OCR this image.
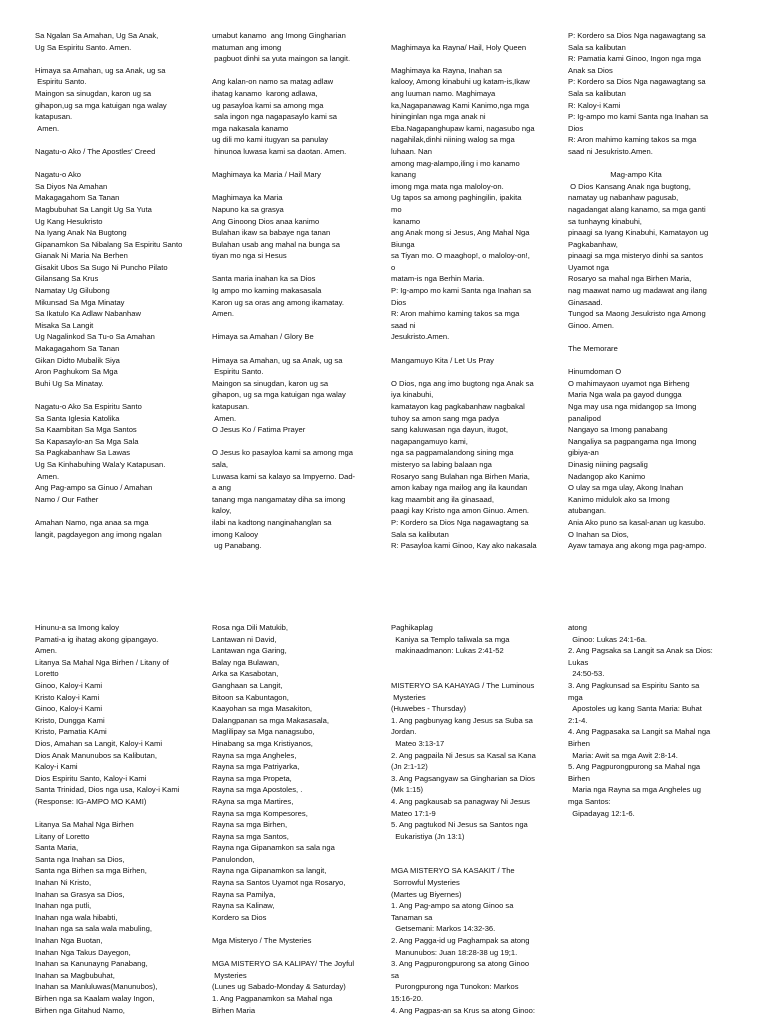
Sa Ngalan Sa Amahan, Ug Sa Anak,
Ug Sa Espiritu Santo. Amen.
Himaya sa Amahan, ug sa Anak, ug sa
Espiritu Santo.
Maingon sa sinugdan, karon ug sa
gihapon,ug sa mga katuigan nga walay
katapusan.
Amen.
Nagatu-o Ako / The Apostles' Creed
Nagatu-o Ako
Sa Diyos Na Amahan
Makagagahom Sa Tanan
Magbubuhat Sa Langit Ug Sa Yuta
Ug Kang Hesukristo
Na Iyang Anak Na Bugtong
Gipanamkon Sa Nibalang Sa Espiritu Santo
Gianak Ni Maria Na Berhen
Gisakit Ubos Sa Sugo Ni Puncho Pilato
Gilansang Sa Krus
Namatay Ug Gilubong
Mikunsad Sa Mga Minatay
Sa Ikatulo Ka Adlaw Nabanhaw
Misaka Sa Langit
Ug Nagalinkod Sa Tu-o Sa Amahan
Makagagahom Sa Tanan
Gikan Didto Mubalik Siya
Aron Paghukom Sa Mga
Buhi Ug Sa Minatay.
Nagatu-o Ako Sa Espiritu Santo
Sa Santa Iglesia Katolika
Sa Kaambitan Sa Mga Santos
Sa Kapasaylo-an Sa Mga Sala
Sa Pagkabanhaw Sa Lawas
Ug Sa Kinhabuhing Wala'y Katapusan.
Amen.
Ang Pag-ampo sa Ginuo / Amahan
Namo / Our Father
Amahan Namo, nga anaa sa mga
langit, pagdayegon ang imong ngalan
umabut kanamo  ang Imong Gingharian
matuman ang imong
pagbuot dinhi sa yuta maingon sa langit.
Ang kalan-on namo sa matag adlaw
ihatag kanamo  karong adlawa,
ug pasayloa kami sa among mga
sala ingon nga nagapasaylo kami sa
mga nakasala kanamo
ug dili mo kami itugyan sa panulay
hinunoa luwasa kami sa daotan. Amen.
Maghimaya ka Maria / Hail Mary
Maghimaya ka Maria
Napuno ka sa grasya
Ang Ginoong Dios anaa kanimo
Bulahan ikaw sa babaye nga tanan
Bulahan usab ang mahal na bunga sa
tiyan mo nga si Hesus
Santa maria inahan ka sa Dios
Ig ampo mo kaming makasasala
Karon ug sa oras ang among ikamatay.
Amen.
Himaya sa Amahan / Glory Be
Himaya sa Amahan, ug sa Anak, ug sa
Espiritu Santo.
Maingon sa sinugdan, karon ug sa
gihapon, ug sa mga katuigan nga walay
katapusan.
Amen.
O Jesus Ko / Fatima Prayer
O Jesus ko pasayloa kami sa among mga
sala,
Luwasa kami sa kalayo sa Impyerno. Dad-
a ang
tanang mga nangamatay diha sa imong
kaloy,
ilabi na kadtong nanginahanglan sa
imong Kalooy
ug Panabang.
Maghimaya ka Rayna/ Hail, Holy Queen
Maghimaya ka Rayna, Inahan sa
kalooy, Among kinabuhi ug katam-is,Ikaw
ang luuman namo. Maghimaya
ka,Nagapanawag Kami Kanimo,nga mga
hininginlan nga mga anak ni
Eba.Nagapanghupaw kami, nagasubo nga
nagahilak,dinhi niining walog sa mga
luhaan. Nan
among mag-alampo,iling i mo kanamo
kanang
imong mga mata nga maloloy-on.
Ug tapos sa among paghingilin, ipakita
mo
kanamo
ang Anak mong si Jesus, Ang Mahal Nga
Biunga
sa Tiyan mo. O maaghop!, o maloloy-on!,
o
matam-is nga Berhin Maria.
P: Ig-ampo mo kami Santa nga Inahan sa
Dios
R: Aron mahimo kaming takos sa mga
saad ni
Jesukristo.Amen.
Mangamuyo Kita / Let Us Pray
O Dios, nga ang imo bugtong nga Anak sa
iya kinabuhi,
kamatayon kag pagkabanhaw nagbakal
tuhoy sa amon sang mga padya
sang kaluwasan nga dayun, itugot,
nagapangamuyo kami,
nga sa pagpamalandong sining mga
misteryo sa labing balaan nga
Rosaryo sang Bulahan nga Birhen Maria,
amon kabay nga mailog ang ila kaundan
kag maambit ang ila ginasaad,
paagi kay Kristo nga amon Ginuo. Amen.
P: Kordero sa Dios Nga nagawagtang sa
Sala sa kalibutan
R: Pasayloa kami Ginoo, Kay ako nakasala
P: Kordero sa Dios Nga nagawagtang sa
Sala sa kalibutan
R: Pamatia kami Ginoo, Ingon nga mga
Anak sa Dios
P: Kordero sa Dios Nga nagawagtang sa
Sala sa kalibutan
R: Kaloy-i Kami
P: Ig-ampo mo kami Santa nga Inahan sa
Dios
R: Aron mahimo kaming takos sa mga
saad ni Jesukristo.Amen.
Mag-ampo Kita
O Dios Kansang Anak nga bugtong,
namatay ug nabanhaw pagusab,
nagadangat alang kanamo, sa mga ganti
sa tunhayng kinabuhi,
pinaagi sa Iyang Kinabuhi, Kamatayon ug
Pagkabanhaw,
pinaagi sa mga misteryo dinhi sa santos
Uyamot nga
Rosaryo sa mahal nga Birhen Maria,
nag maawat namo ug madawat ang ilang
Ginasaad.
Tungod sa Maong Jesukristo nga Among
Ginoo. Amen.
The Memorare
Hinumdoman O
O mahimayaon uyamot nga Birheng
Maria Nga wala pa gayod dungga
Nga may usa nga midangop sa Imong
panalipod
Nangayo sa Imong panabang
Nangaliya sa pagpangama nga Imong
gibiya-an
Dinasig niining pagsalig
Nadangop ako Kanimo
O ulay sa mga ulay, Akong Inahan
Kanimo midulok ako sa Imong
atubangan.
Ania Ako puno sa kasal-anan ug kasubo.
O Inahan sa Dios,
Ayaw tamaya ang akong mga pag-ampo.
Hinunu-a sa Imong kaloy
Pamati-a ig ihatag akong gipangayo.
Amen.
Litanya Sa Mahal Nga Birhen / Litany of
Loretto
Ginoo, Kaloy-i Kami
Kristo Kaloy-i Kami
Ginoo, Kaloy-i Kami
Kristo, Dungga Kami
Kristo, Pamatia KAmi
Dios, Amahan sa Langit, Kaloy-i Kami
Dios Anak Manunubos sa Kalibutan,
Kaloy-i Kami
Dios Espiritu Santo, Kaloy-i Kami
Santa Trinidad, Dios nga usa, Kaloy-i Kami
(Response: IG-AMPO MO KAMI)
Litanya Sa Mahal Nga Birhen
Litany of Loretto
Santa Maria,
Santa nga Inahan sa Dios,
Santa nga Birhen sa mga Birhen,
Inahan Ni Kristo,
Inahan sa Grasya sa Dios,
Inahan nga putli,
Inahan nga wala hibabti,
Inahan nga sa sala wala mabuling,
Inahan Nga Buotan,
Inahan Nga Takus Dayegon,
Inahan sa Kanunayng Panabang,
Inahan sa Magbubuhat,
Inahan sa Manluluwas(Manunubos),
Birhen nga sa Kaalam walay Ingon,
Birhen nga Gitahud Namo,
Rosa nga Dili Matukib,
Lantawan ni David,
Lantawan nga Garing,
Balay nga Bulawan,
Arka sa Kasabotan,
Ganghaan sa Langit,
Bitoon sa Kabuntagon,
Kaayohan sa mga Masakiton,
Dalangpanan sa mga Makasasala,
Maglilipay sa Mga nanagsubo,
Hinabang sa mga Kristiyanos,
Rayna sa mga Angheles,
Rayna sa mga Patriyarka,
Rayna sa mga Propeta,
Rayna sa mga Apostoles, .
RAyna sa mga Martires,
Rayna sa mga Kompesores,
Rayna sa mga Birhen,
Rayna sa mga Santos,
Rayna nga Gipanamkon sa sala nga
Panulondon,
Rayna nga Gipanamkon sa langit,
Rayna sa Santos Uyamot nga Rosaryo,
Rayna sa Pamilya,
Rayna sa Kalinaw,
Kordero sa Dios
Mga Misteryo / The Mysteries
MGA MISTERYO SA KALIPAY/ The Joyful
Mysteries
(Lunes ug Sabado-Monday & Saturday)
1. Ang Pagpanamkon sa Mahal nga
Birhen Maria
Paghikaplag
Kaniya sa Templo taliwala sa mga
makinaadmanon: Lukas 2:41-52
MISTERYO SA KAHAYAG / The Luminous
Mysteries
(Huwebes - Thursday)
1. Ang pagbunyag kang Jesus sa Suba sa
Jordan.
Mateo 3:13-17
2. Ang pagpaila Ni Jesus sa Kasal sa Kana
(Jn 2:1-12)
3. Ang Pagsangyaw sa Gingharian sa Dios
(Mk 1:15)
4. Ang pagkausab sa panagway Ni Jesus
Mateo 17:1-9
5. Ang pagtukod Ni Jesus sa Santos nga
Eukaristiya (Jn 13:1)
MGA MISTERYO SA KASAKIT / The
Sorrowful Mysteries
(Martes ug Biyernes)
1. Ang Pag-ampo sa atong Ginoo sa
Tanaman sa
Getsemani: Markos 14:32-36.
2. Ang Pagga-id ug Paghampak sa atong
Manunubos: Juan 18:28-38 ug 19;1.
3. Ang Pagpurongpurong sa atong Ginoo
sa
Purongpurong nga Tunokon: Markos
15:16-20.
4. Ang Pagpas-an sa Krus sa atong Ginoo:
atong
Ginoo: Lukas 24:1-6a.
2. Ang Pagsaka sa Langit sa Anak sa Dios:
Lukas
24:50-53.
3. Ang Pagkunsad sa Espiritu Santo sa
mga
Apostoles ug kang Santa Maria: Buhat
2:1-4.
4. Ang Pagpasaka sa Langit sa Mahal nga
Birhen
Maria: Awit sa mga Awit 2:8-14.
5. Ang Pagpurongpurong sa Mahal nga
Birhen
Maria nga Rayna sa mga Angheles ug
mga Santos:
Gipadayag 12:1-6.
